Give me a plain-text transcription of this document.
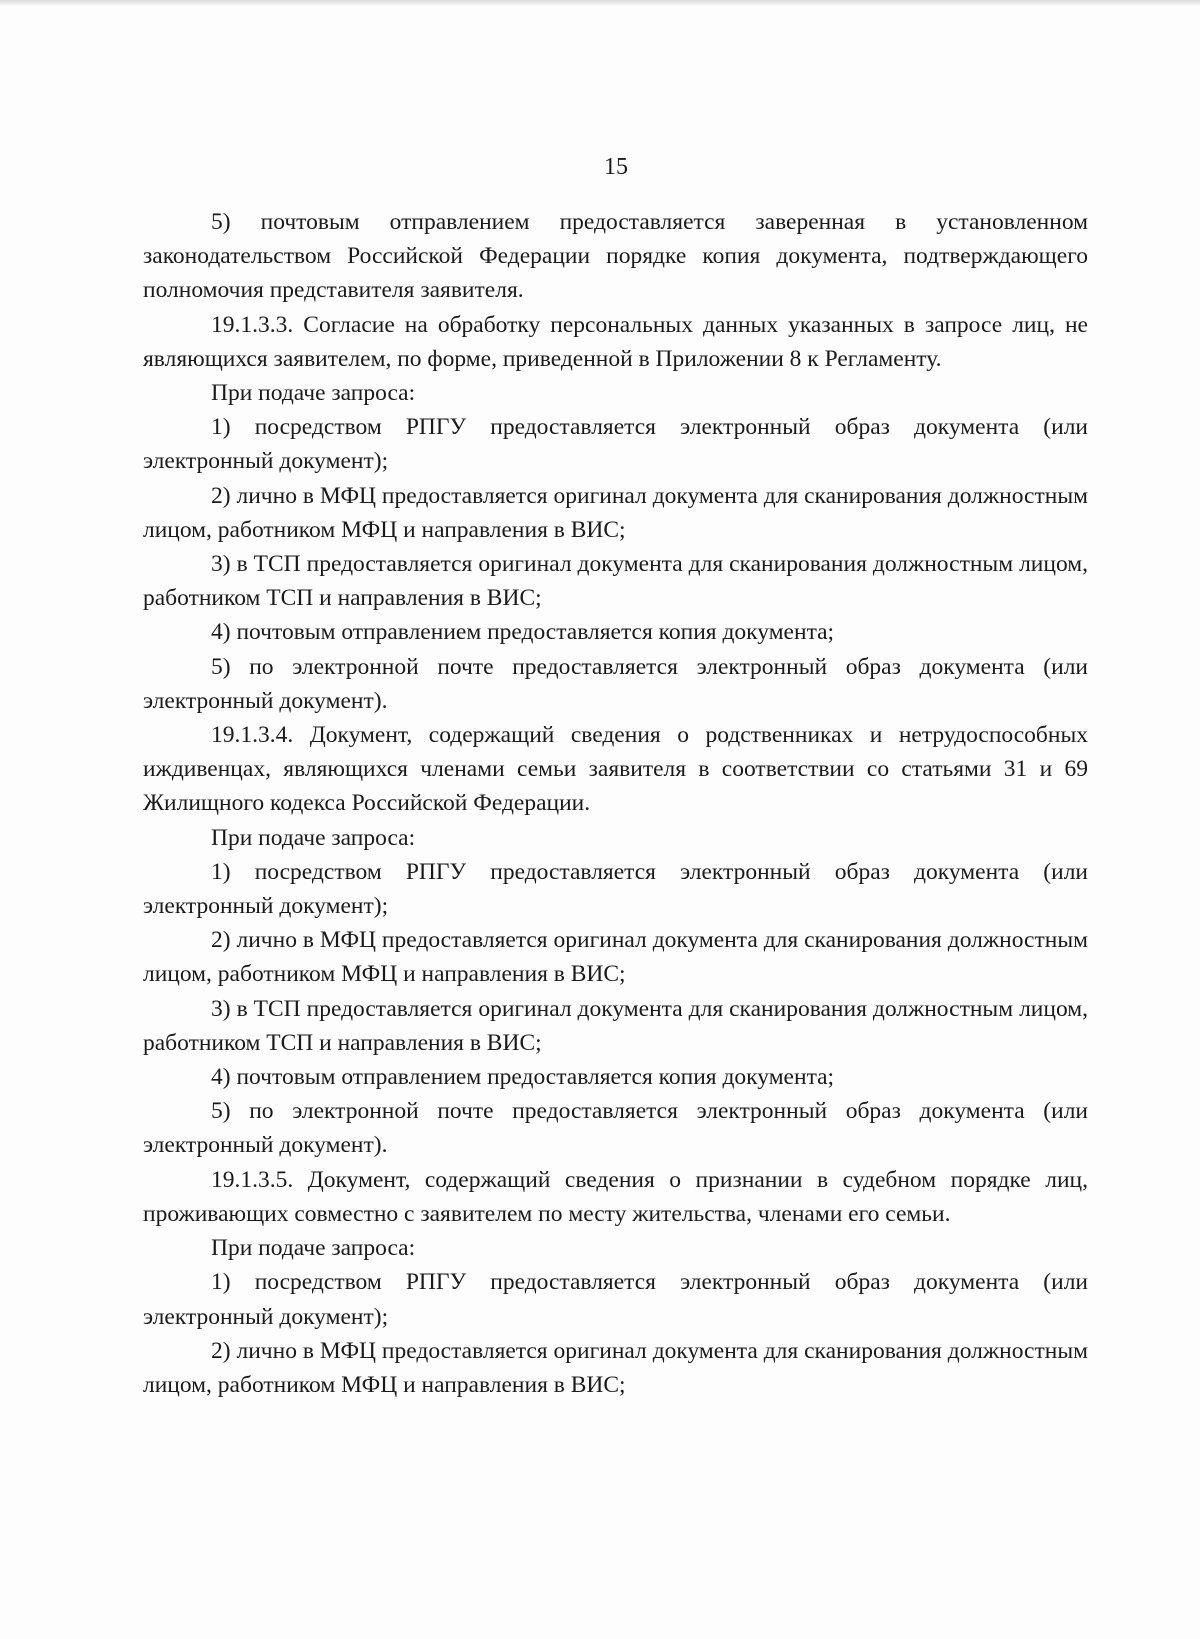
15

5) почтовым отправлением предоставляется заверенная в установленном законодательством Российской Федерации порядке копия документа, подтверждающего полномочия представителя заявителя.

19.1.3.3. Согласие на обработку персональных данных указанных в запросе лиц, не являющихся заявителем, по форме, приведенной в Приложении 8 к Регламенту.

При подаче запроса:

1) посредством РПГУ предоставляется электронный образ документа (или электронный документ);

2) лично в МФЦ предоставляется оригинал документа для сканирования должностным лицом, работником МФЦ и направления в ВИС;

3) в ТСП предоставляется оригинал документа для сканирования должностным лицом, работником ТСП и направления в ВИС;

4) почтовым отправлением предоставляется копия документа;

5) по электронной почте предоставляется электронный образ документа (или электронный документ).

19.1.3.4. Документ, содержащий сведения о родственниках и нетрудоспособных иждивенцах, являющихся членами семьи заявителя в соответствии со статьями 31 и 69 Жилищного кодекса Российской Федерации.

При подаче запроса:

1) посредством РПГУ предоставляется электронный образ документа (или электронный документ);

2) лично в МФЦ предоставляется оригинал документа для сканирования должностным лицом, работником МФЦ и направления в ВИС;

3) в ТСП предоставляется оригинал документа для сканирования должностным лицом, работником ТСП и направления в ВИС;

4) почтовым отправлением предоставляется копия документа;

5) по электронной почте предоставляется электронный образ документа (или электронный документ).

19.1.3.5. Документ, содержащий сведения о признании в судебном порядке лиц, проживающих совместно с заявителем по месту жительства, членами его семьи.

При подаче запроса:

1) посредством РПГУ предоставляется электронный образ документа (или электронный документ);

2) лично в МФЦ предоставляется оригинал документа для сканирования должностным лицом, работником МФЦ и направления в ВИС;
